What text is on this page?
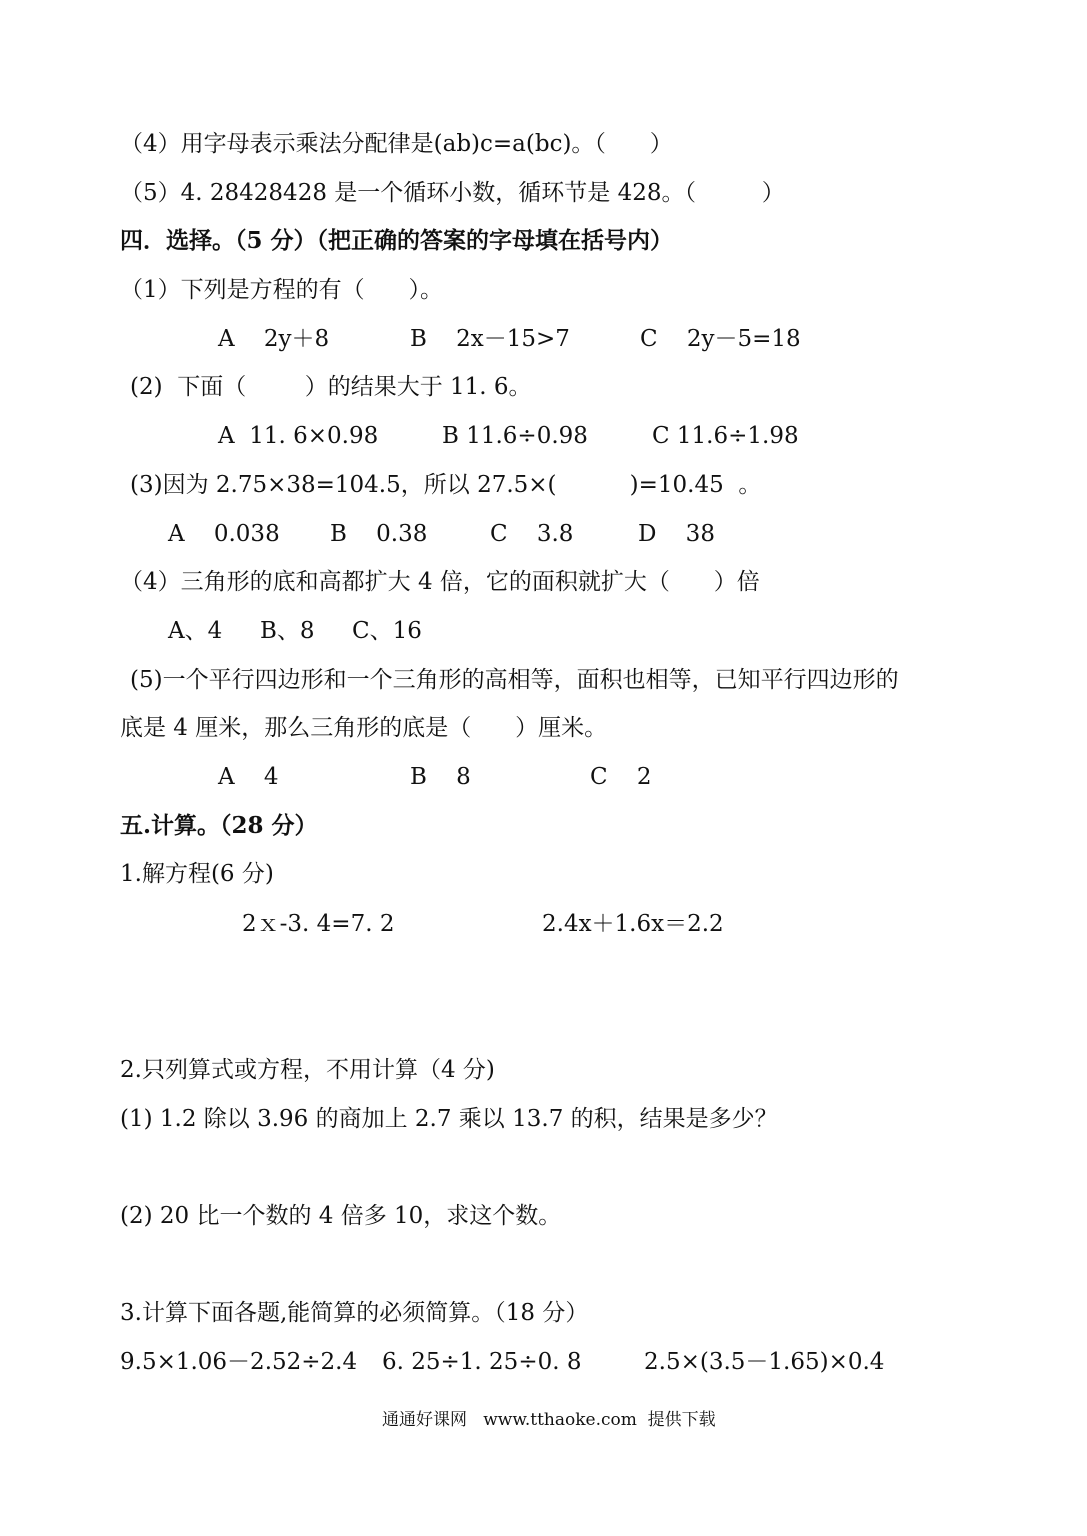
（4）用字母表示乘法分配律是(ab)c=a(bc)。（      ）
（5）4. 28428428 是一个循环小数，循环节是 428。（         ）
四．选择。（5 分）（把正确的答案的字母填在括号内）
（1）下列是方程的有（      ）。
A    2y＋8	B    2x－15>7	C    2y－5=18
(2)  下面（        ）的结果大于 11. 6。
A  11. 6×0.98	B 11.6÷0.98	C 11.6÷1.98
(3)因为 2.75×38=104.5，所以 27.5×(          )=10.45  。
A    0.038 B    0.38	C    3.8	D    38
（4）三角形的底和高都扩大 4 倍，它的面积就扩大（      ）倍
A、4 B、8 C、16
(5)一个平行四边形和一个三角形的高相等，面积也相等，已知平行四边形的
底是 4 厘米，那么三角形的底是（      ）厘米。
A    4	B    8	C    2
五.计算。（28 分）
1.解方程(6 分)
2ｘ-3. 4=7. 2	2.4x＋1.6x＝2.2
2.只列算式或方程，不用计算（4 分)
(1) 1.2 除以 3.96 的商加上 2.7 乘以 13.7 的积，结果是多少？
(2) 20 比一个数的 4 倍多 10，求这个数。
3.计算下面各题,能简算的必须简算。（18 分）
9.5×1.06－2.52÷2.4 6. 25÷1. 25÷0. 8	2.5×(3.5－1.65)×0.4
通通好课网   www.tthaoke.com  提供下载
